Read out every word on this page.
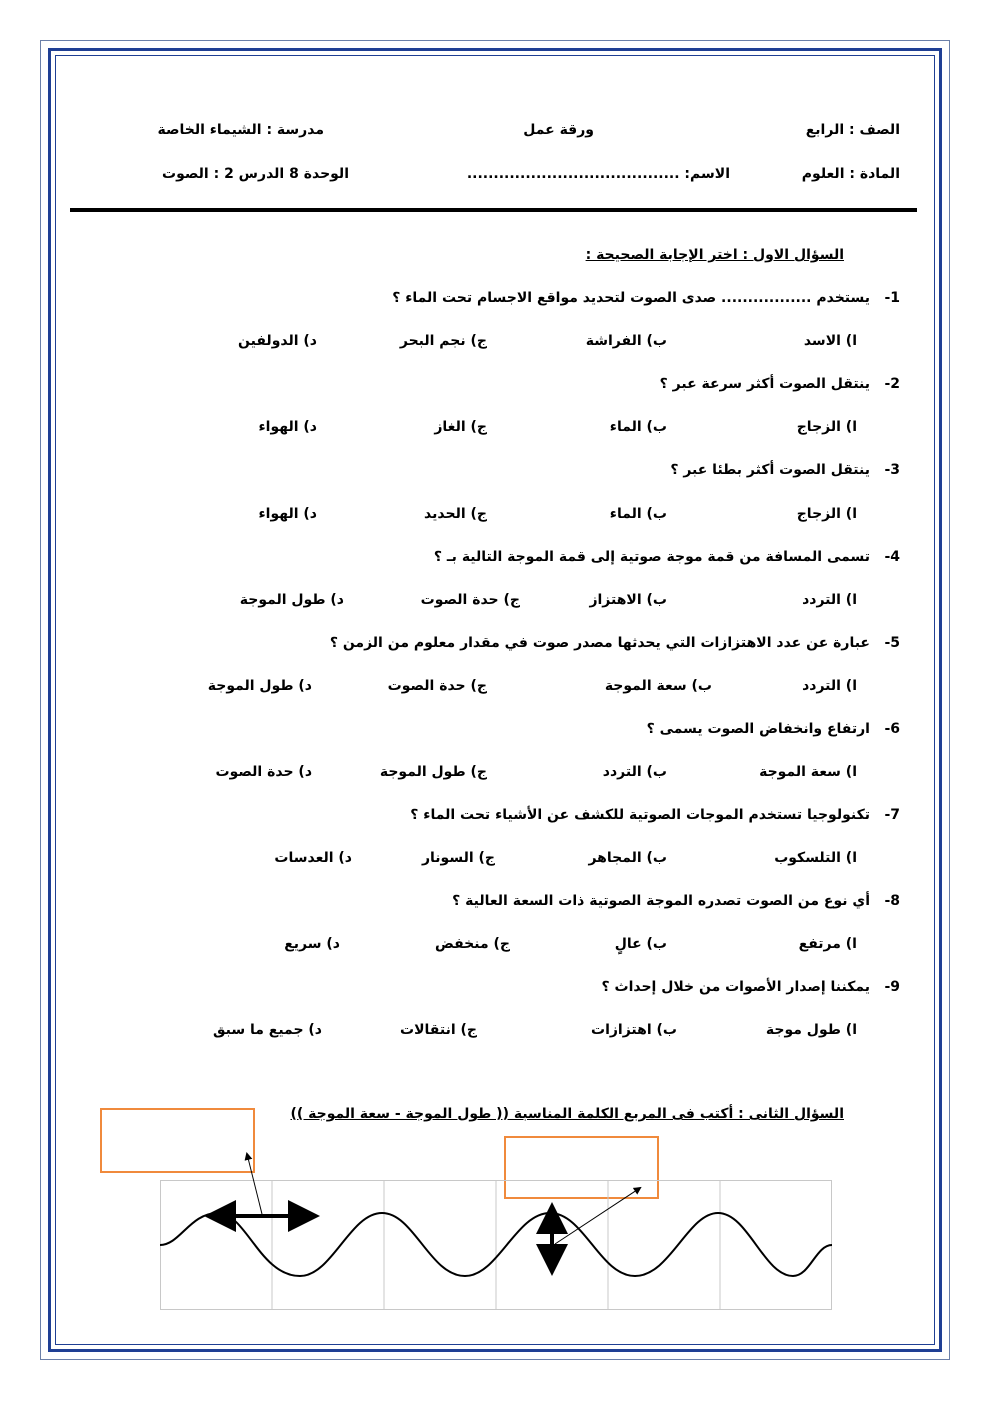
الصف : الرابع
ورقة عمل
مدرسة : الشيماء الخاصة
المادة : العلوم
الاسم: ........................................
الوحدة 8 الدرس 2 : الصوت
السؤال الاول : اختر الإجابة الصحيحة :
1-
يستخدم ................. صدى الصوت لتحديد مواقع الاجسام تحت الماء ؟
ا) الاسد
ب) الفراشة
ج) نجم البحر
د) الدولفين
2-
ينتقل الصوت أكثر سرعة عبر ؟
ا) الزجاج
ب) الماء
ج) الغاز
د) الهواء
3-
ينتقل الصوت أكثر بطئا عبر ؟
ا) الزجاج
ب) الماء
ج) الحديد
د) الهواء
4-
تسمى المسافة من قمة موجة صوتية إلى قمة الموجة التالية بـ ؟
ا) التردد
ب) الاهتزاز
ج) حدة الصوت
د) طول الموجة
5-
عبارة عن عدد الاهتزازات التي يحدثها مصدر صوت في مقدار معلوم من الزمن ؟
ا) التردد
ب) سعة الموجة
ج) حدة الصوت
د) طول الموجة
6-
ارتفاع وانخفاض الصوت يسمى ؟
ا) سعة الموجة
ب) التردد
ج) طول الموجة
د) حدة الصوت
7-
تكنولوجيا تستخدم الموجات الصوتية للكشف عن الأشياء تحت الماء ؟
ا) التلسكوب
ب) المجاهر
ج) السونار
د) العدسات
8-
أي نوع من الصوت تصدره الموجة الصوتية ذات السعة العالية ؟
ا) مرتفع
ب) عالٍ
ج) منخفض
د) سريع
9-
يمكننا إصدار الأصوات من خلال إحداث ؟
ا) طول موجة
ب) اهتزازات
ج) انتقالات
د) جميع ما سبق
السؤال الثانى : أكتب فى المربع الكلمة المناسبة (( طول الموجة - سعة الموجة ))
